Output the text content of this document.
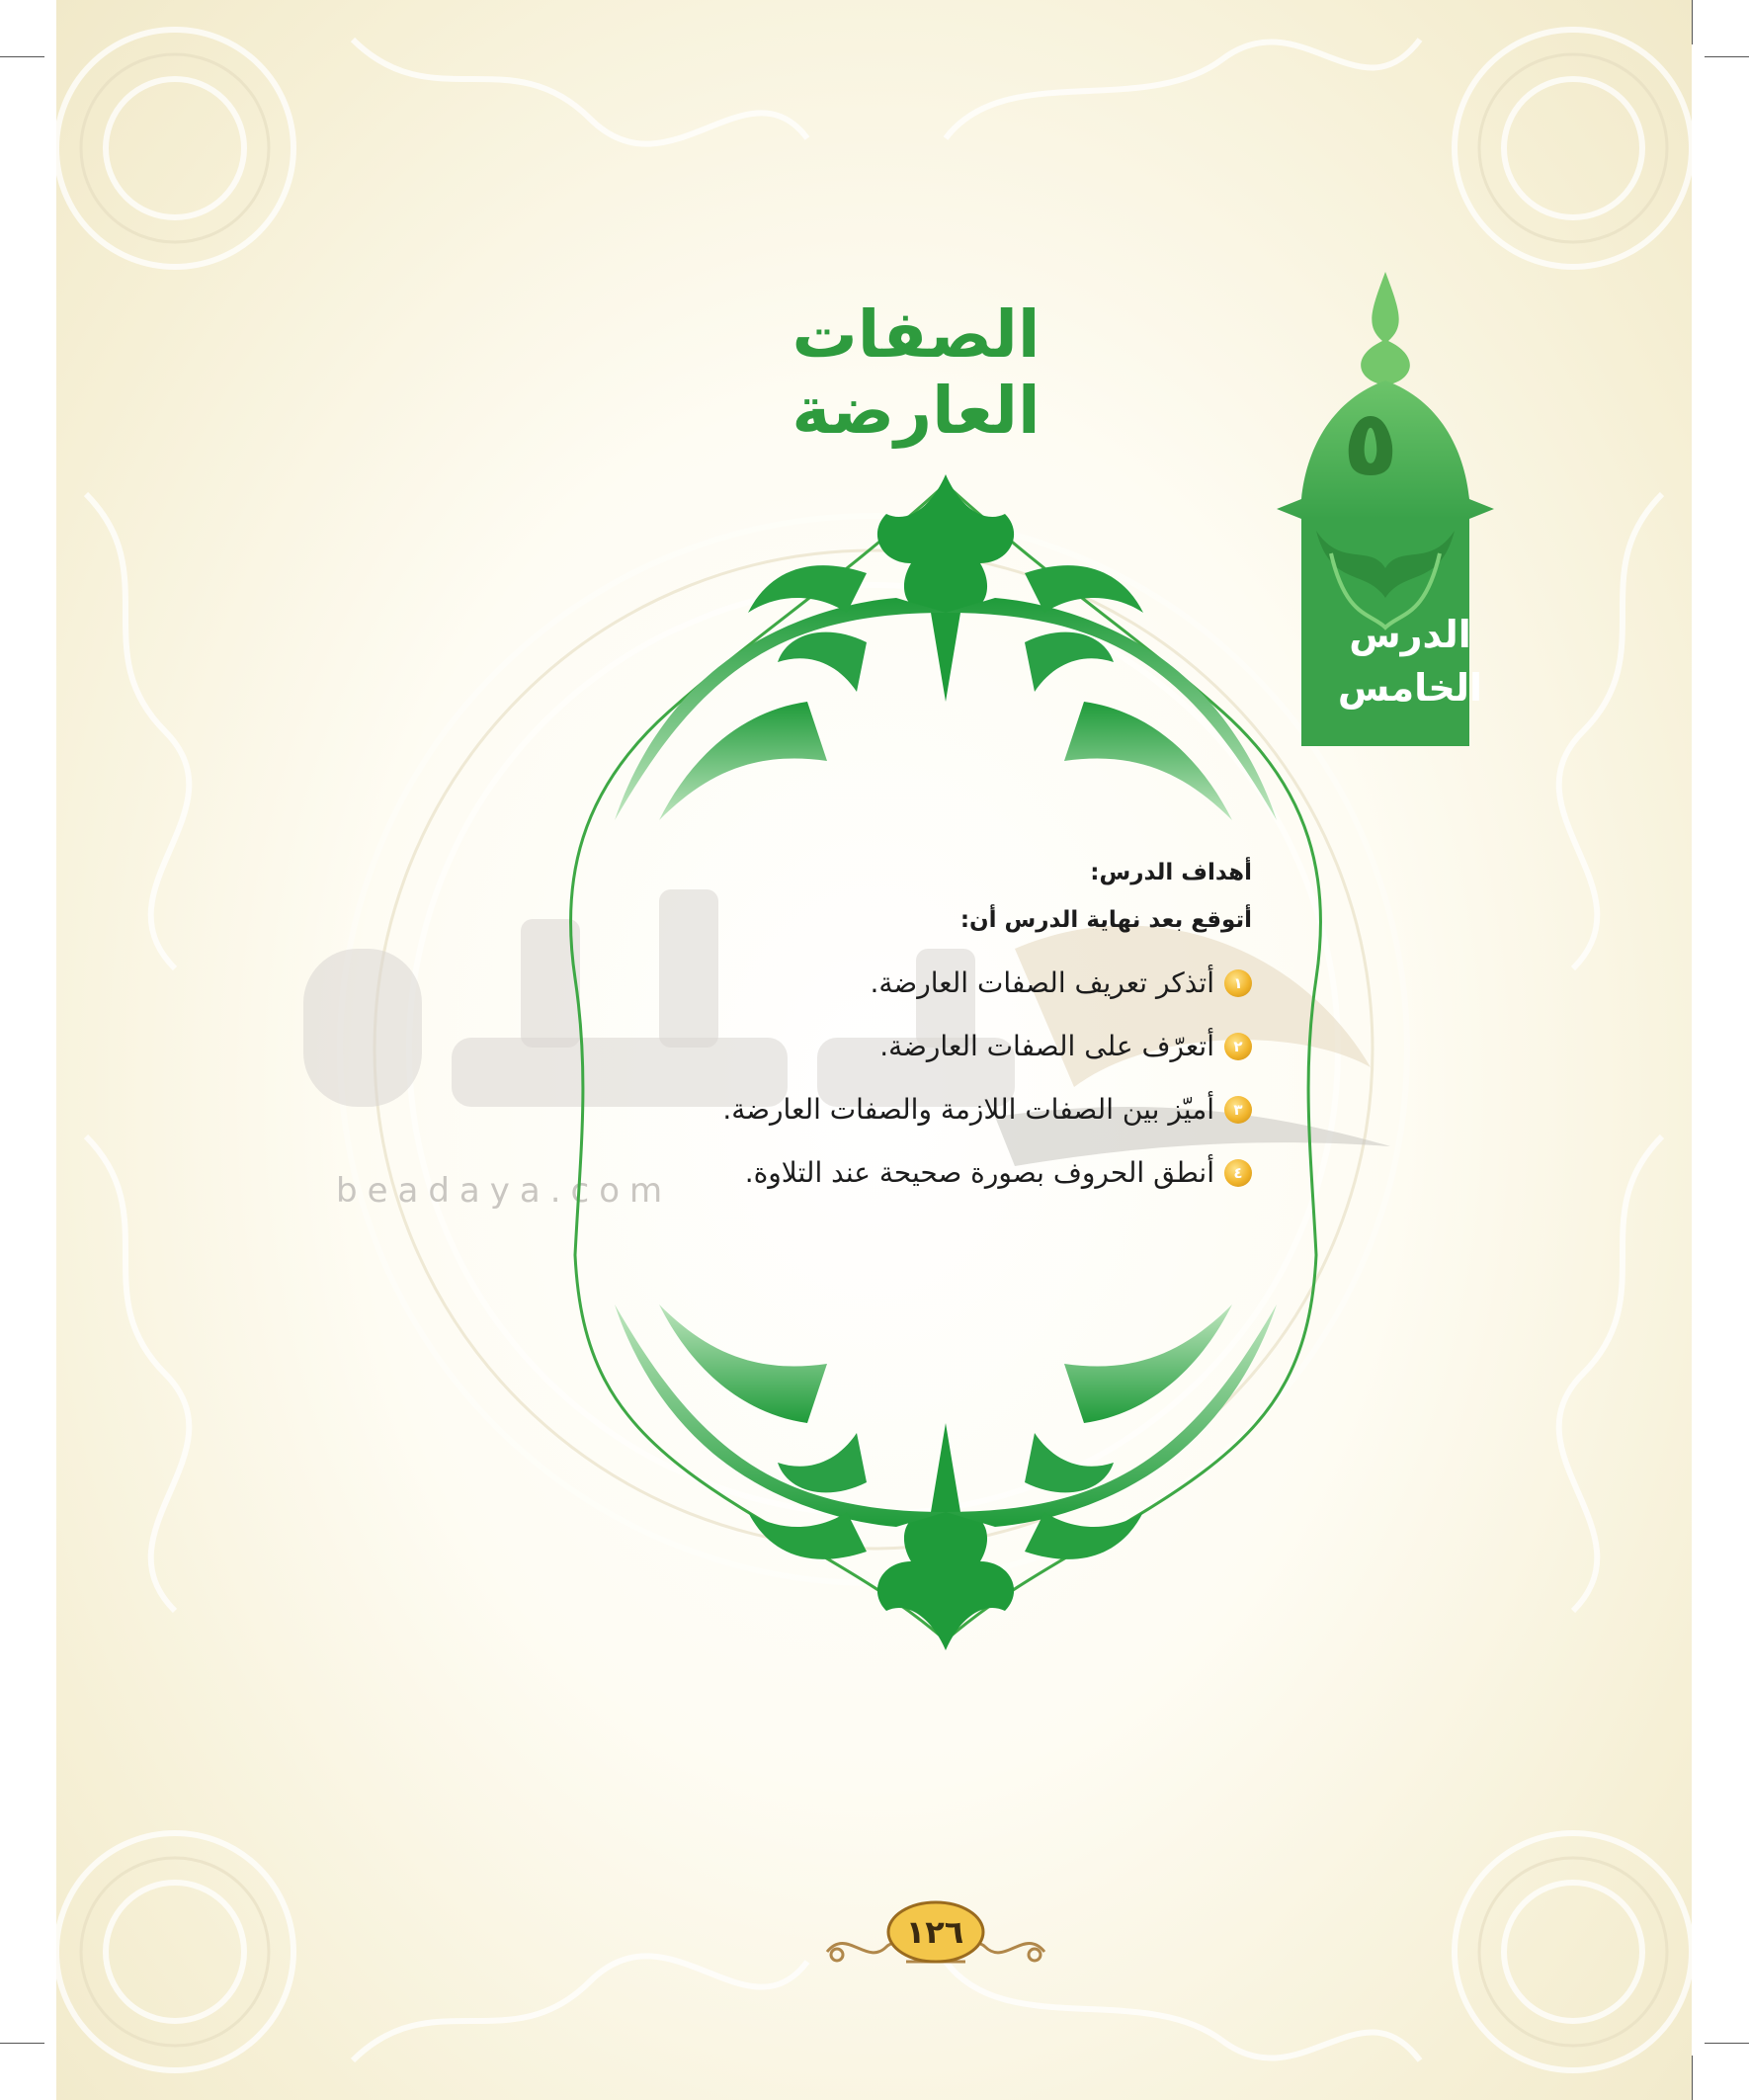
٥
الدرس
الخامس
الصفات العارضة
beadaya.com
أهداف الدرس:
أتوقع بعد نهاية الدرس أن:
١
أتذكر تعريف الصفات العارضة.
٢
أتعرّف على الصفات العارضة.
٣
أميّز بين الصفات اللازمة والصفات العارضة.
٤
أنطق الحروف بصورة صحيحة عند التلاوة.
١٢٦
